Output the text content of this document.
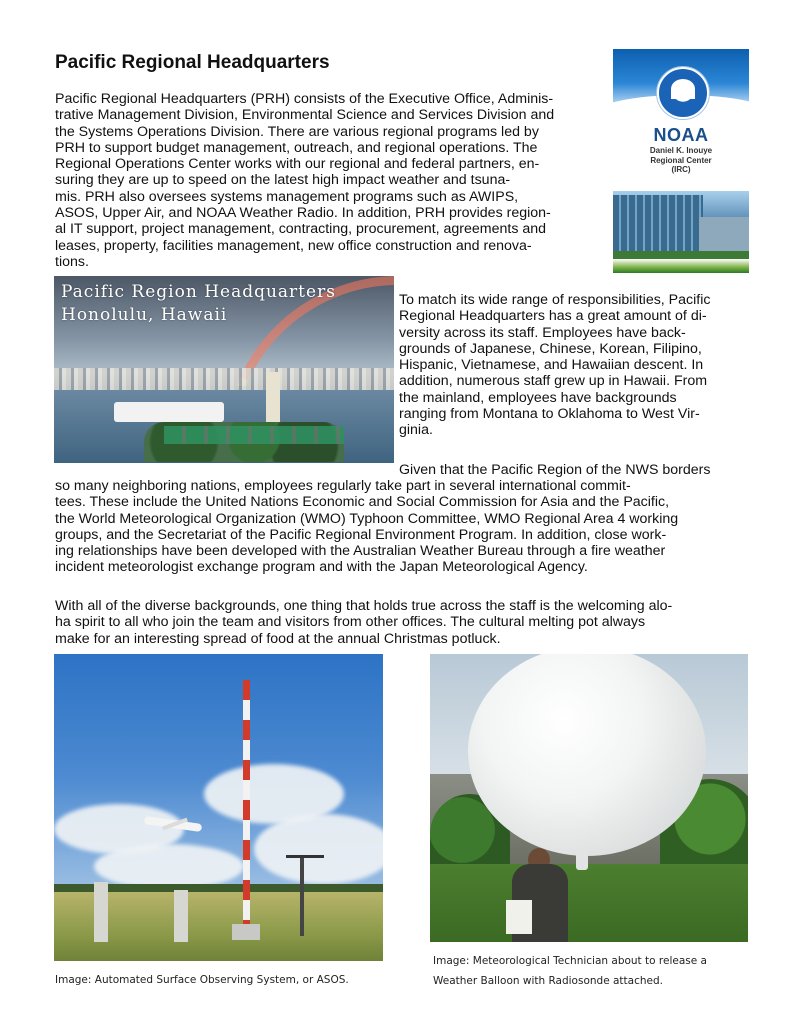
Pacific Regional Headquarters

Pacific Regional Headquarters (PRH) consists of the Executive Office, Adminis-
trative Management Division, Environmental Science and Services Division and
the Systems Operations Division. There are various regional programs led by
PRH to support budget management, outreach, and regional operations. The
Regional Operations Center works with our regional and federal partners, en-
suring they are up to speed on the latest high impact weather and tsuna-
mis. PRH also oversees systems management programs such as AWIPS,
ASOS, Upper Air, and NOAA Weather Radio. In addition, PRH provides region-
al IT support, project management, contracting, procurement, agreements and
leases, property, facilities management, new office construction and renova-
tions.

NOAA
NOAA
Daniel K. Inouye
Regional Center
(IRC)
Pacific Region Headquarters
Honolulu, Hawaii

To match its wide range of responsibilities, Pacific
Regional Headquarters has a great amount of di-
versity across its staff. Employees have back-
grounds of Japanese, Chinese, Korean, Filipino,
Hispanic, Vietnamese, and Hawaiian descent. In
addition, numerous staff grew up in Hawaii. From
the mainland, employees have backgrounds
ranging from Montana to Oklahoma to West Vir-
ginia.

Given that the Pacific Region of the NWS borders

so many neighboring nations, employees regularly take part in several international commit-
tees. These include the United Nations Economic and Social Commission for Asia and the Pacific,
the World Meteorological Organization (WMO) Typhoon Committee, WMO Regional Area 4 working
groups, and the Secretariat of the Pacific Regional Environment Program. In addition, close work-
ing relationships have been developed with the Australian Weather Bureau through a fire weather
incident meteorologist exchange program and with the Japan Meteorological Agency.

With all of the diverse backgrounds, one thing that holds true across the staff is the welcoming alo-
ha spirit to all who join the team and visitors from other offices. The cultural melting pot always
make for an interesting spread of food at the annual Christmas potluck.

Image: Automated Surface Observing System, or ASOS.

Image: Meteorological Technician about to release a
Weather Balloon with Radiosonde attached.
